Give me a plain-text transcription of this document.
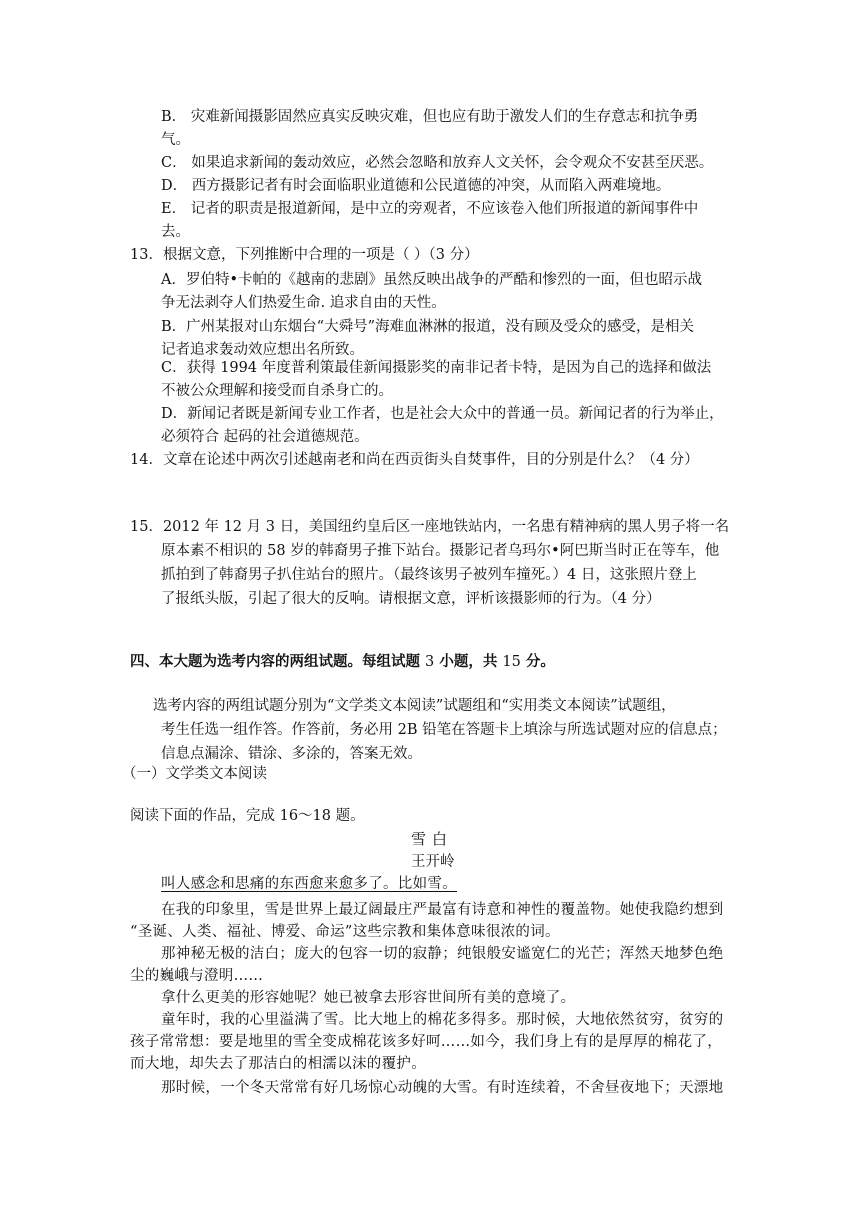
B． 灾难新闻摄影固然应真实反映灾难，但也应有助于激发人们的生存意志和抗争勇
气。
C． 如果追求新闻的轰动效应，必然会忽略和放弃人文关怀，会令观众不安甚至厌恶。
D． 西方摄影记者有时会面临职业道德和公民道德的冲突，从而陷入两难境地。
E． 记者的职责是报道新闻，是中立的旁观者，不应该卷入他们所报道的新闻事件中
去。
13．根据文意，下列推断中合理的一项是（ ）（3 分）
A．罗伯特•卡帕的《越南的悲剧》虽然反映出战争的严酷和惨烈的一面，但也昭示战
争无法剥夺人们热爱生命. 追求自由的天性。
B．广州某报对山东烟台“大舜号”海难血淋淋的报道，没有顾及受众的感受，是相关
记者追求轰动效应想出名所致。
C．获得 1994 年度普利策最佳新闻摄影奖的南非记者卡特，是因为自己的选择和做法
不被公众理解和接受而自杀身亡的。
D．新闻记者既是新闻专业工作者，也是社会大众中的普通一员。新闻记者的行为举止，
必须符合 起码的社会道德规范。
14．文章在论述中两次引述越南老和尚在西贡街头自焚事件，目的分别是什么？（4 分）
15．2012 年 12 月 3 日，美国纽约皇后区一座地铁站内，一名患有精神病的黑人男子将一名
原本素不相识的 58 岁的韩裔男子推下站台。摄影记者乌玛尔•阿巴斯当时正在等车，他
抓拍到了韩裔男子扒住站台的照片。（最终该男子被列车撞死。）4 日，这张照片登上
了报纸头版，引起了很大的反响。请根据文意，评析该摄影师的行为。（4 分）
四、本大题为选考内容的两组试题。每组试题 3 小题，共 15 分。
选考内容的两组试题分别为“文学类文本阅读”试题组和“实用类文本阅读”试题组，
考生任选一组作答。作答前，务必用 2B 铅笔在答题卡上填涂与所选试题对应的信息点；
信息点漏涂、错涂、多涂的，答案无效。
（一）文学类文本阅读
阅读下面的作品，完成 16～18 题。
雪白
王开岭
叫人感念和思痛的东西愈来愈多了。比如雪。
在我的印象里，雪是世界上最辽阔最庄严最富有诗意和神性的覆盖物。她使我隐约想到
“圣诞、人类、福祉、博爱、命运”这些宗教和集体意味很浓的词。
那神秘无极的洁白；庞大的包容一切的寂静；纯银般安谧宽仁的光芒；浑然天地梦色绝
尘的巍峨与澄明……
拿什么更美的形容她呢？她已被拿去形容世间所有美的意境了。
童年时，我的心里溢满了雪。比大地上的棉花多得多。那时候，大地依然贫穷，贫穷的
孩子常常想：要是地里的雪全变成棉花该多好呵……如今，我们身上有的是厚厚的棉花了，
而大地，却失去了那洁白的相濡以沫的覆护。
那时候，一个冬天常常有好几场惊心动魄的大雪。有时连续着，不舍昼夜地下；天漂地
